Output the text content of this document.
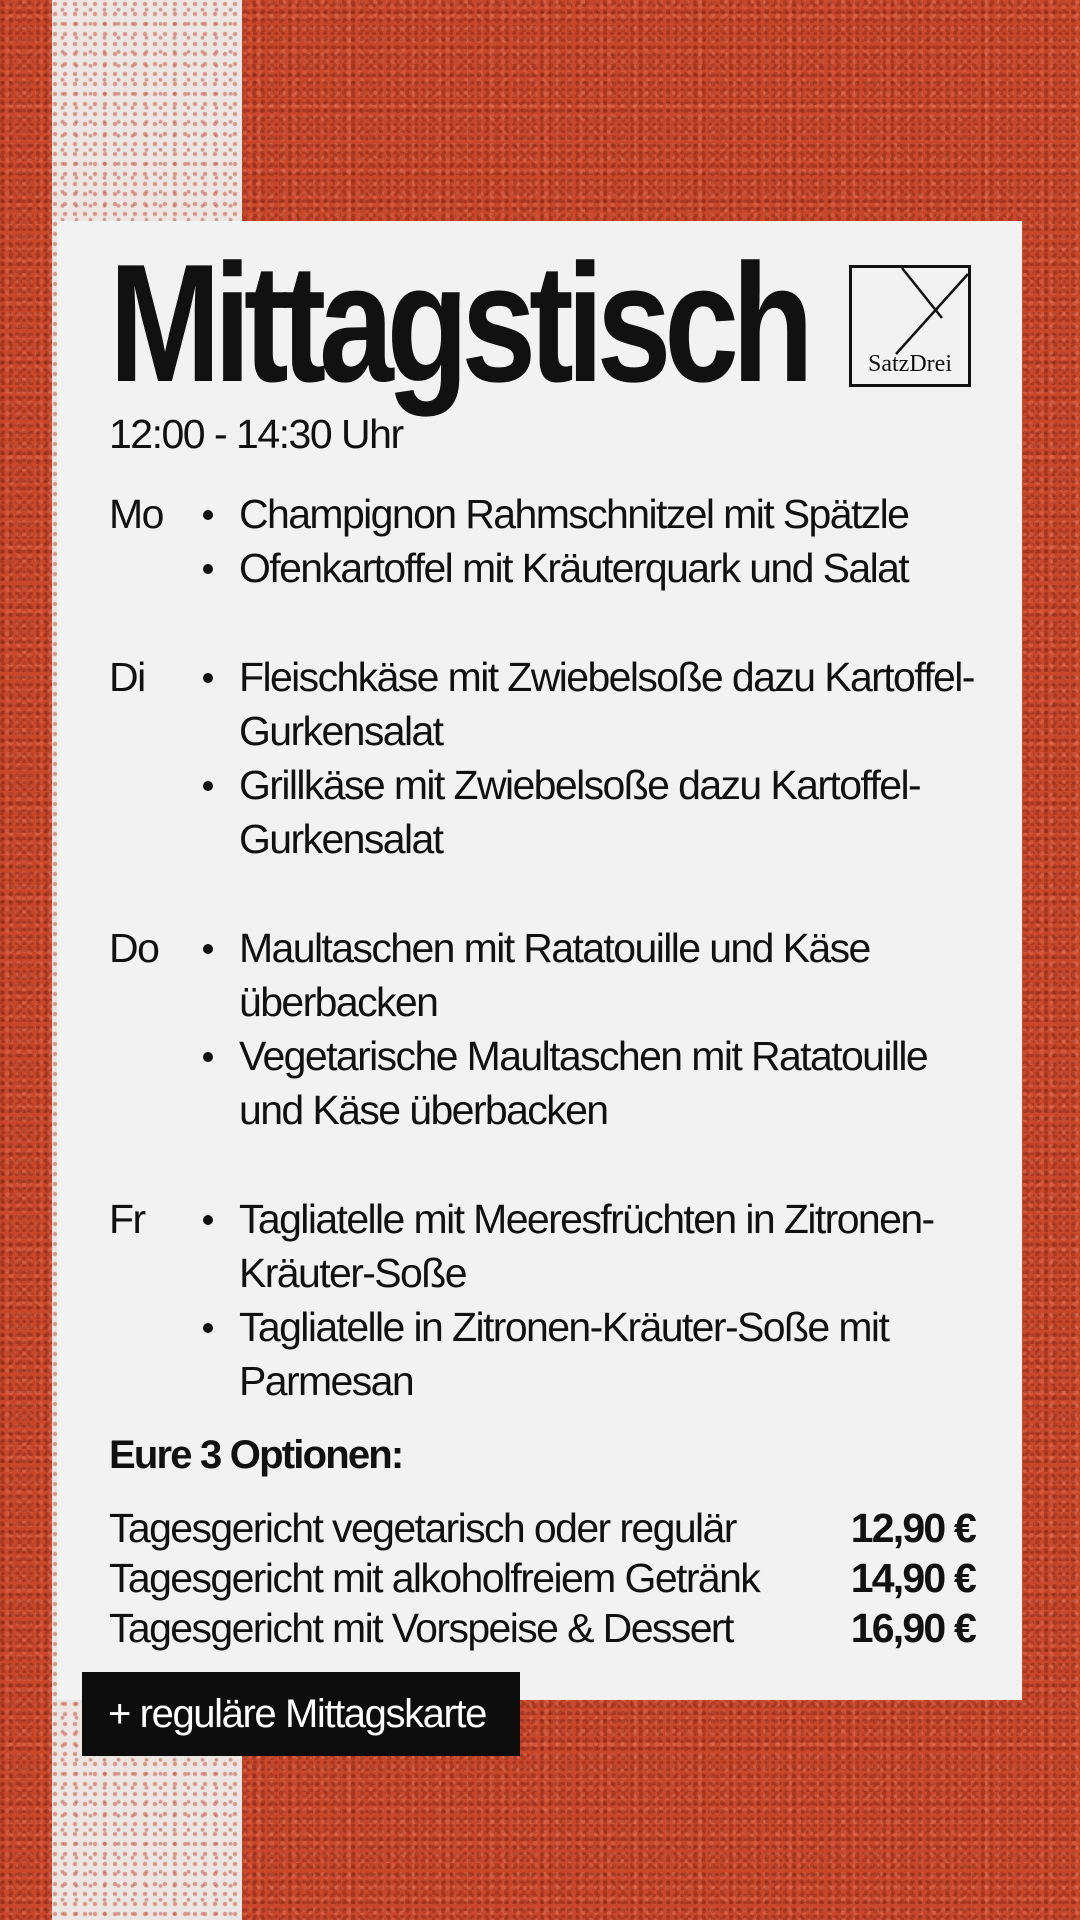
Mittagstisch	SatzDrei
12:00 - 14:30 Uhr
Mo	Champignon Rahmschnitzel mit Spätzle
Ofenkartoffel mit Kräuterquark und Salat
Di	Fleischkäse mit Zwiebelsoße dazu Kartoffel-Gurkensalat
Grillkäse mit Zwiebelsoße dazu Kartoffel-Gurkensalat
Do	Maultaschen mit Ratatouille und Käse überbacken
Vegetarische Maultaschen mit Ratatouille und Käse überbacken
Fr	Tagliatelle mit Meeresfrüchten in Zitronen-Kräuter-Soße
Tagliatelle in Zitronen-Kräuter-Soße mit Parmesan
Eure 3 Optionen:
Tagesgericht vegetarisch oder regulär	12,90 €
Tagesgericht mit alkoholfreiem Getränk 14,90 €
Tagesgericht mit Vorspeise & Dessert	16,90 €
+ reguläre Mittagskarte
